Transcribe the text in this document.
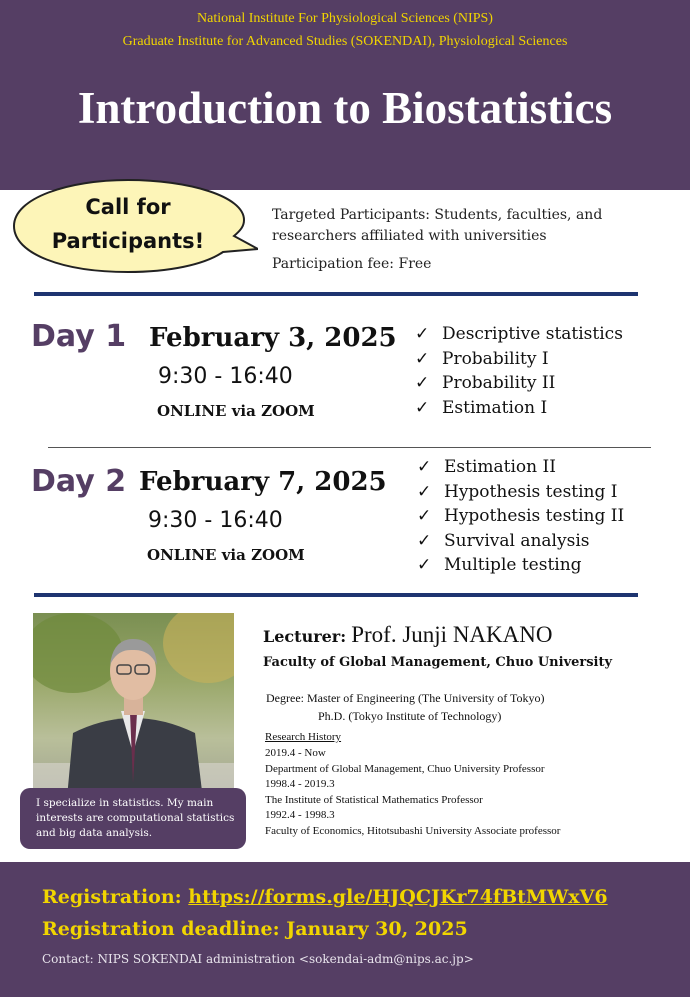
National Institute For Physiological Sciences (NIPS)
Graduate Institute for Advanced Studies (SOKENDAI), Physiological Sciences
Introduction to Biostatistics
Call for
Participants!
Targeted Participants: Students, faculties, and researchers affiliated with universities
Participation fee: Free
Day 1 February 3, 2025
9:30 - 16:40
ONLINE via ZOOM
✓ Descriptive statistics
✓ Probability I
✓ Probability II
✓ Estimation I
Day 2 February 7, 2025
9:30 - 16:40
ONLINE via ZOOM
✓ Estimation II
✓ Hypothesis testing I
✓ Hypothesis testing II
✓ Survival analysis
✓ Multiple testing
I specialize in statistics. My main interests are computational statistics and big data analysis.
Lecturer: Prof. Junji NAKANO
Faculty of Global Management, Chuo University
Degree: Master of Engineering (The University of Tokyo)
Ph.D. (Tokyo Institute of Technology)
Research History
2019.4 - Now
Department of Global Management, Chuo University Professor
1998.4 - 2019.3
The Institute of Statistical Mathematics Professor
1992.4 - 1998.3
Faculty of Economics, Hitotsubashi University Associate professor
Registration: https://forms.gle/HJQCJKr74fBtMWxV6
Registration deadline: January 30, 2025
Contact: NIPS SOKENDAI administration <sokendai-adm@nips.ac.jp>
